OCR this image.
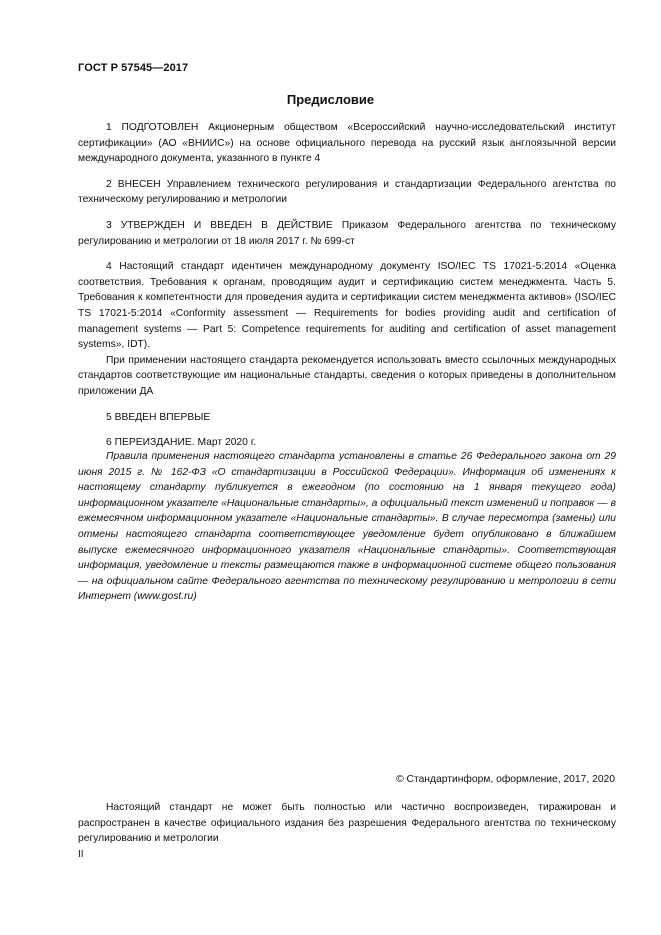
ГОСТ Р 57545—2017
Предисловие

1 ПОДГОТОВЛЕН Акционерным обществом «Всероссийский научно-исследовательский институт сертификации» (АО «ВНИИС») на основе официального перевода на русский язык англоязычной версии международного документа, указанного в пункте 4

2 ВНЕСЕН Управлением технического регулирования и стандартизации Федерального агентства по техническому регулированию и метрологии

3 УТВЕРЖДЕН И ВВЕДЕН В ДЕЙСТВИЕ Приказом Федерального агентства по техническому регулированию и метрологии от 18 июля 2017 г. № 699-ст

4 Настоящий стандарт идентичен международному документу ISO/IEC TS 17021-5:2014 «Оценка соответствия. Требования к органам, проводящим аудит и сертификацию систем менеджмента. Часть 5. Требования к компетентности для проведения аудита и сертификации систем менеджмента активов» (ISO/IEC TS 17021-5:2014 «Conformity assessment — Requirements for bodies providing audit and certification of management systems — Part 5: Competence requirements for auditing and certification of asset management systems», IDT).

При применении настоящего стандарта рекомендуется использовать вместо ссылочных международных стандартов соответствующие им национальные стандарты, сведения о которых приведены в дополнительном приложении ДА

5 ВВЕДЕН ВПЕРВЫЕ

6 ПЕРЕИЗДАНИЕ. Март 2020 г.

Правила применения настоящего стандарта установлены в статье 26 Федерального закона от 29 июня 2015 г. № 162-ФЗ «О стандартизации в Российской Федерации». Информация об изменениях к настоящему стандарту публикуется в ежегодном (по состоянию на 1 января текущего года) информационном указателе «Национальные стандарты», а официальный текст изменений и поправок — в ежемесячном информационном указателе «Национальные стандарты». В случае пересмотра (замены) или отмены настоящего стандарта соответствующее уведомление будет опубликовано в ближайшем выпуске ежемесячного информационного указателя «Национальные стандарты». Соответствующая информация, уведомление и тексты размещаются также в информационной системе общего пользования — на официальном сайте Федерального агентства по техническому регулированию и метрологии в сети Интернет (www.gost.ru)

© Стандартинформ, оформление, 2017, 2020

Настоящий стандарт не может быть полностью или частично воспроизведен, тиражирован и распространен в качестве официального издания без разрешения Федерального агентства по техническому регулированию и метрологии

II
